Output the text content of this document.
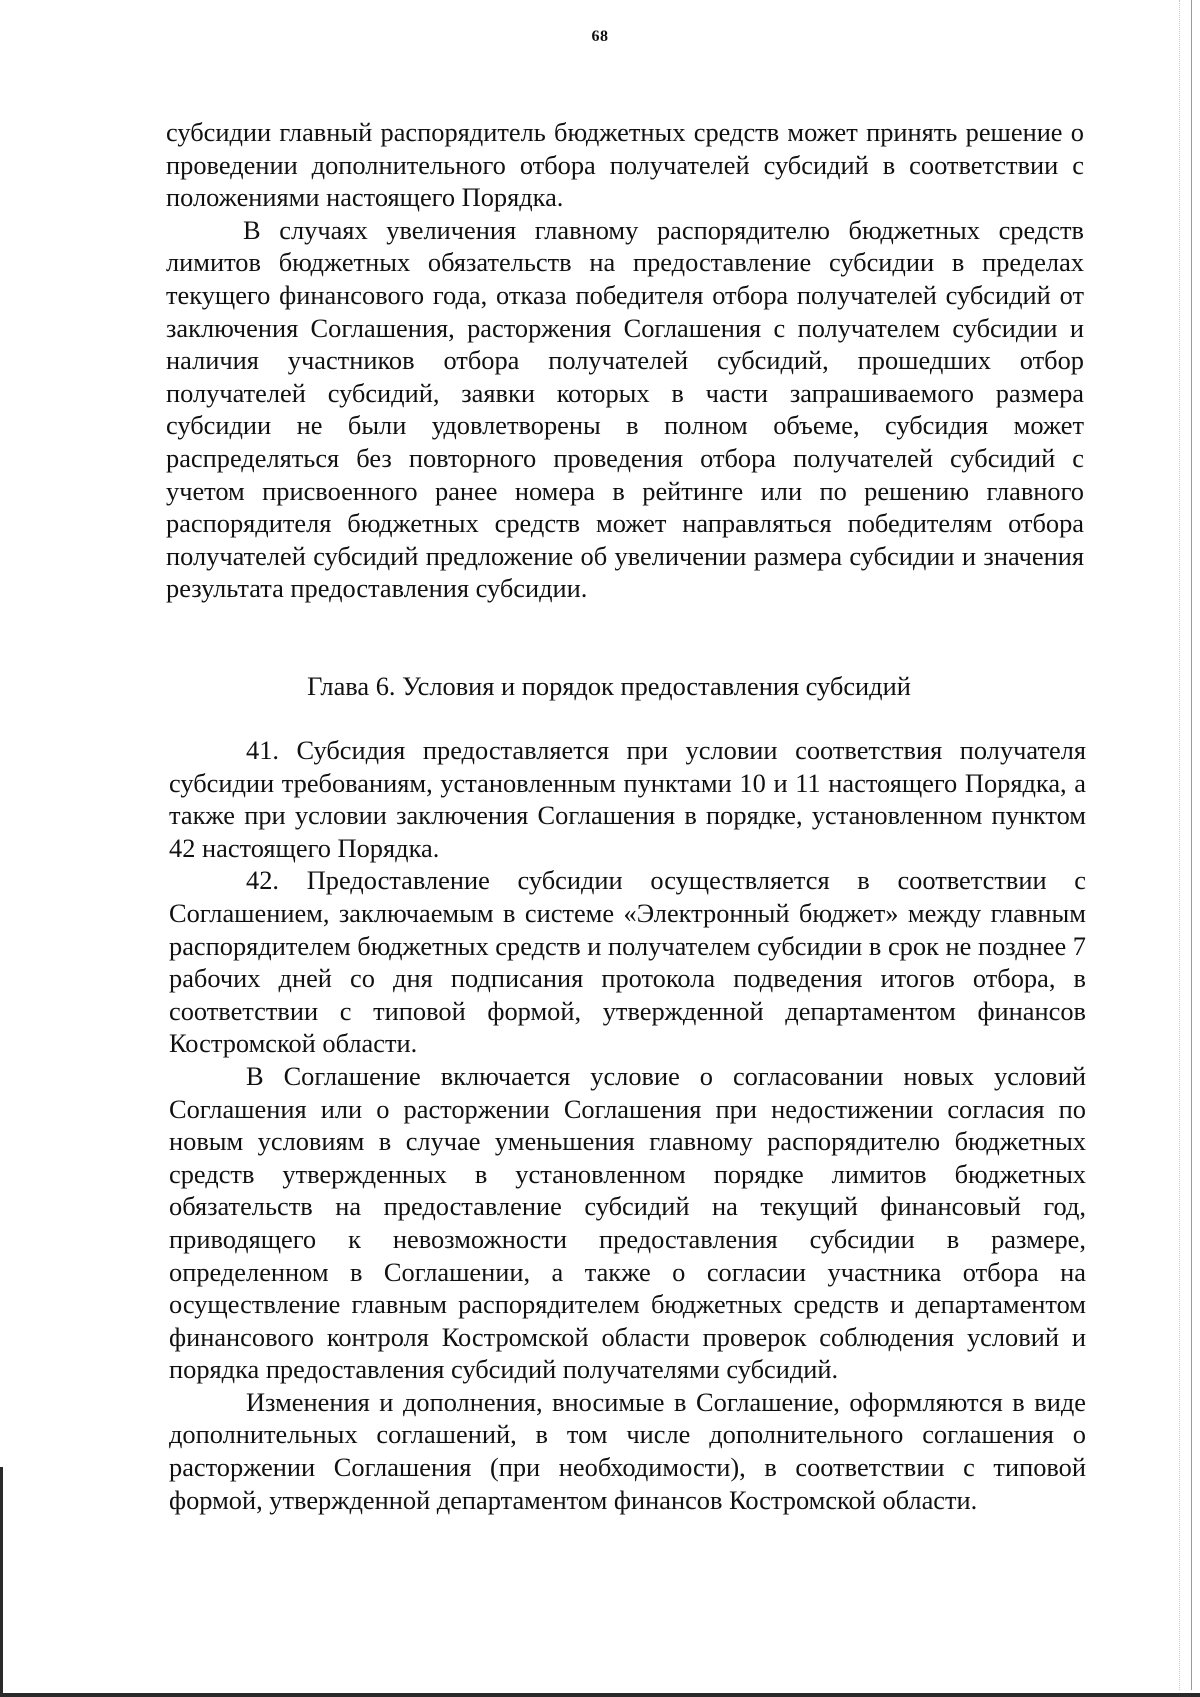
68

субсидии главный распорядитель бюджетных средств может принять решение о проведении дополнительного отбора получателей субсидий в соответствии с положениями настоящего Порядка.

В случаях увеличения главному распорядителю бюджетных средств лимитов бюджетных обязательств на предоставление субсидии в пределах текущего финансового года, отказа победителя отбора получателей субсидий от заключения Соглашения, расторжения Соглашения с получателем субсидии и наличия участников отбора получателей субсидий, прошедших отбор получателей субсидий, заявки которых в части запрашиваемого размера субсидии не были удовлетворены в полном объеме, субсидия может распределяться без повторного проведения отбора получателей субсидий с учетом присвоенного ранее номера в рейтинге или по решению главного распорядителя бюджетных средств может направляться победителям отбора получателей субсидий предложение об увеличении размера субсидии и значения результата предоставления субсидии.

Глава 6. Условия и порядок предоставления субсидий

41. Субсидия предоставляется при условии соответствия получателя субсидии требованиям, установленным пунктами 10 и 11 настоящего Порядка, а также при условии заключения Соглашения в порядке, установленном пунктом 42 настоящего Порядка.

42. Предоставление субсидии осуществляется в соответствии с Соглашением, заключаемым в системе «Электронный бюджет» между главным распорядителем бюджетных средств и получателем субсидии в срок не позднее 7 рабочих дней со дня подписания протокола подведения итогов отбора, в соответствии с типовой формой, утвержденной департаментом финансов Костромской области.

В Соглашение включается условие о согласовании новых условий Соглашения или о расторжении Соглашения при недостижении согласия по новым условиям в случае уменьшения главному распорядителю бюджетных средств утвержденных в установленном порядке лимитов бюджетных обязательств на предоставление субсидий на текущий финансовый год, приводящего к невозможности предоставления субсидии в размере, определенном в Соглашении, а также о согласии участника отбора на осуществление главным распорядителем бюджетных средств и департаментом финансового контроля Костромской области проверок соблюдения условий и порядка предоставления субсидий получателями субсидий.

Изменения и дополнения, вносимые в Соглашение, оформляются в виде дополнительных соглашений, в том числе дополнительного соглашения о расторжении Соглашения (при необходимости), в соответствии с типовой формой, утвержденной департаментом финансов Костромской области.
